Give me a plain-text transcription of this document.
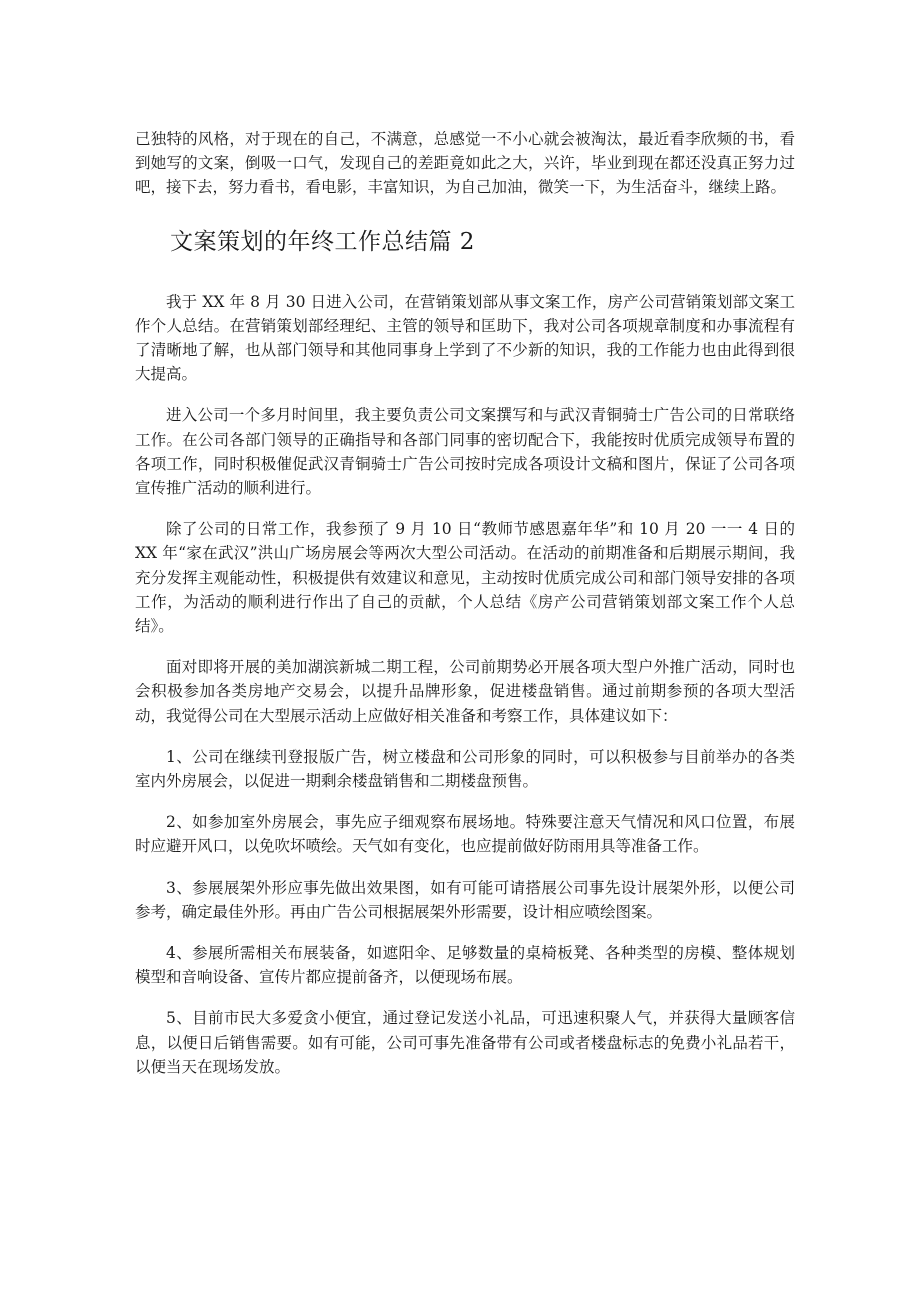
己独特的风格，对于现在的自己，不满意，总感觉一不小心就会被淘汰，最近看李欣频的书，看到她写的文案，倒吸一口气，发现自己的差距竟如此之大，兴许，毕业到现在都还没真正努力过吧，接下去，努力看书，看电影，丰富知识，为自己加油，微笑一下，为生活奋斗，继续上路。

文案策划的年终工作总结篇 2

我于 XX 年 8 月 30 日进入公司，在营销策划部从事文案工作，房产公司营销策划部文案工作个人总结。在营销策划部经理纪、主管的领导和匡助下，我对公司各项规章制度和办事流程有了清晰地了解，也从部门领导和其他同事身上学到了不少新的知识，我的工作能力也由此得到很大提高。

进入公司一个多月时间里，我主要负责公司文案撰写和与武汉青铜骑士广告公司的日常联络工作。在公司各部门领导的正确指导和各部门同事的密切配合下，我能按时优质完成领导布置的各项工作，同时积极催促武汉青铜骑士广告公司按时完成各项设计文稿和图片，保证了公司各项宣传推广活动的顺利进行。

除了公司的日常工作，我参预了 9 月 10 日“教师节感恩嘉年华”和 10 月 20 一一 4 日的 XX 年“家在武汉”洪山广场房展会等两次大型公司活动。在活动的前期准备和后期展示期间，我充分发挥主观能动性，积极提供有效建议和意见，主动按时优质完成公司和部门领导安排的各项工作，为活动的顺利进行作出了自己的贡献，个人总结《房产公司营销策划部文案工作个人总结》。

面对即将开展的美加湖滨新城二期工程，公司前期势必开展各项大型户外推广活动，同时也会积极参加各类房地产交易会，以提升品牌形象，促进楼盘销售。通过前期参预的各项大型活动，我觉得公司在大型展示活动上应做好相关准备和考察工作，具体建议如下：

1、公司在继续刊登报版广告，树立楼盘和公司形象的同时，可以积极参与目前举办的各类室内外房展会，以促进一期剩余楼盘销售和二期楼盘预售。

2、如参加室外房展会，事先应子细观察布展场地。特殊要注意天气情况和风口位置，布展时应避开风口，以免吹坏喷绘。天气如有变化，也应提前做好防雨用具等准备工作。

3、参展展架外形应事先做出效果图，如有可能可请搭展公司事先设计展架外形，以便公司参考，确定最佳外形。再由广告公司根据展架外形需要，设计相应喷绘图案。

4、参展所需相关布展装备，如遮阳伞、足够数量的桌椅板凳、各种类型的房模、整体规划模型和音响设备、宣传片都应提前备齐，以便现场布展。

5、目前市民大多爱贪小便宜，通过登记发送小礼品，可迅速积聚人气，并获得大量顾客信息，以便日后销售需要。如有可能，公司可事先准备带有公司或者楼盘标志的免费小礼品若干，以便当天在现场发放。
